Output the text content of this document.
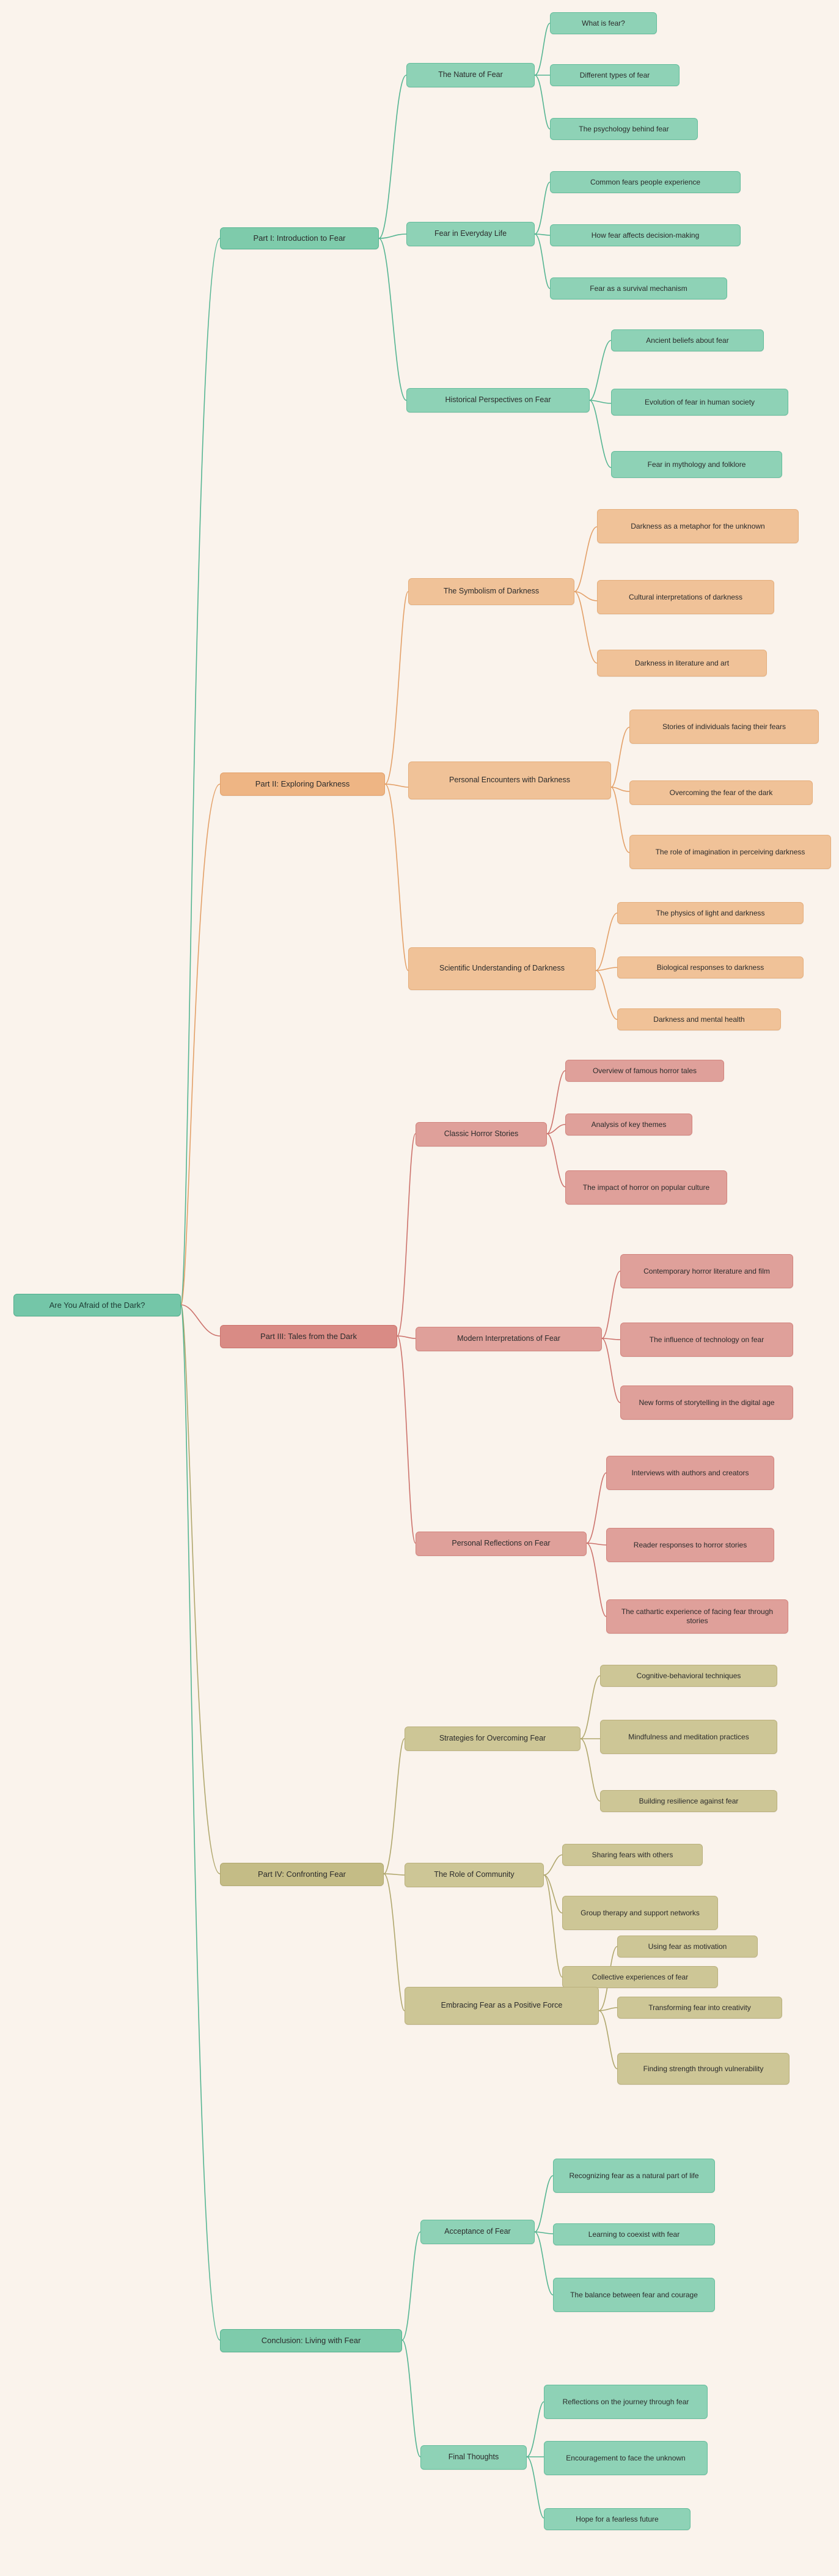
Are You Afraid of the Dark?
Part I: Introduction to Fear
The Nature of Fear
What is fear?
Different types of fear
The psychology behind fear
Fear in Everyday Life
Common fears people experience
How fear affects decision-making
Fear as a survival mechanism
Historical Perspectives on Fear
Ancient beliefs about fear
Evolution of fear in human society
Fear in mythology and folklore
Part II: Exploring Darkness
The Symbolism of Darkness
Darkness as a metaphor for the unknown
Cultural interpretations of darkness
Darkness in literature and art
Personal Encounters with Darkness
Stories of individuals facing their fears
Overcoming the fear of the dark
The role of imagination in perceiving darkness
Scientific Understanding of Darkness
The physics of light and darkness
Biological responses to darkness
Darkness and mental health
Part III: Tales from the Dark
Classic Horror Stories
Overview of famous horror tales
Analysis of key themes
The impact of horror on popular culture
Modern Interpretations of Fear
Contemporary horror literature and film
The influence of technology on fear
New forms of storytelling in the digital age
Personal Reflections on Fear
Interviews with authors and creators
Reader responses to horror stories
The cathartic experience of facing fear through stories
Part IV: Confronting Fear
Strategies for Overcoming Fear
Cognitive-behavioral techniques
Mindfulness and meditation practices
Building resilience against fear
The Role of Community
Sharing fears with others
Group therapy and support networks
Collective experiences of fear
Embracing Fear as a Positive Force
Using fear as motivation
Transforming fear into creativity
Finding strength through vulnerability
Conclusion: Living with Fear
Acceptance of Fear
Recognizing fear as a natural part of life
Learning to coexist with fear
The balance between fear and courage
Final Thoughts
Reflections on the journey through fear
Encouragement to face the unknown
Hope for a fearless future
